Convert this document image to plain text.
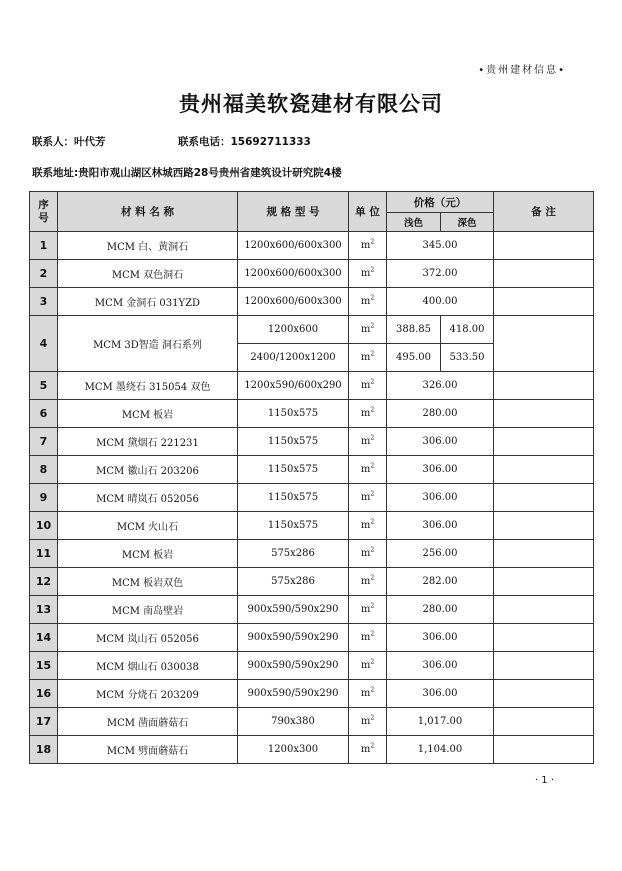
•贵州建材信息•
贵州福美软瓷建材有限公司
联系人：叶代芳	联系电话：15692711333
联系地址:贵阳市观山湖区林城西路28号贵州省建筑设计研究院4楼
序号	材 料 名 称	规 格 型 号	单 位	价格（元）		备 注
				浅色	深色	
1	MCM 白、黄洞石	1200x600/600x300	$m^2$	345.00		
2	MCM 双色洞石	1200x600/600x300	$m^2$	372.00		
3	MCM 金洞石 031YZD	1200x600/600x300	$m^2$	400.00		
4	MCM 3D智造 洞石系列	1200x600	$m^2$	388.85	418.00	
		2400/1200x1200	$m^2$	495.00	533.50	
5	MCM 墨绕石 315054 双色	1200x590/600x290	$m^2$	326.00		
6	MCM 板岩	1150x575	$m^2$	280.00		
7	MCM 黛烟石 221231	1150x575	$m^2$	306.00		
8	MCM 徽山石 203206	1150x575	$m^2$	306.00		
9	MCM 晴岚石 052056	1150x575	$m^2$	306.00		
10	MCM 火山石	1150x575	$m^2$	306.00		
11	MCM 板岩	575x286	$m^2$	256.00		
12	MCM 板岩双色	575x286	$m^2$	282.00		
13	MCM 南岛壁岩	900x590/590x290	$m^2$	280.00		
14	MCM 岚山石 052056	900x590/590x290	$m^2$	306.00		
15	MCM 烟山石 030038	900x590/590x290	$m^2$	306.00		
16	MCM 分烧石 203209	900x590/590x290	$m^2$	306.00		
17	MCM 凿面蘑菇石	790x380	$m^2$	1,017.00		
18	MCM 劈面蘑菇石	1200x300	$m^2$	1,104.00		
· 1 ·
